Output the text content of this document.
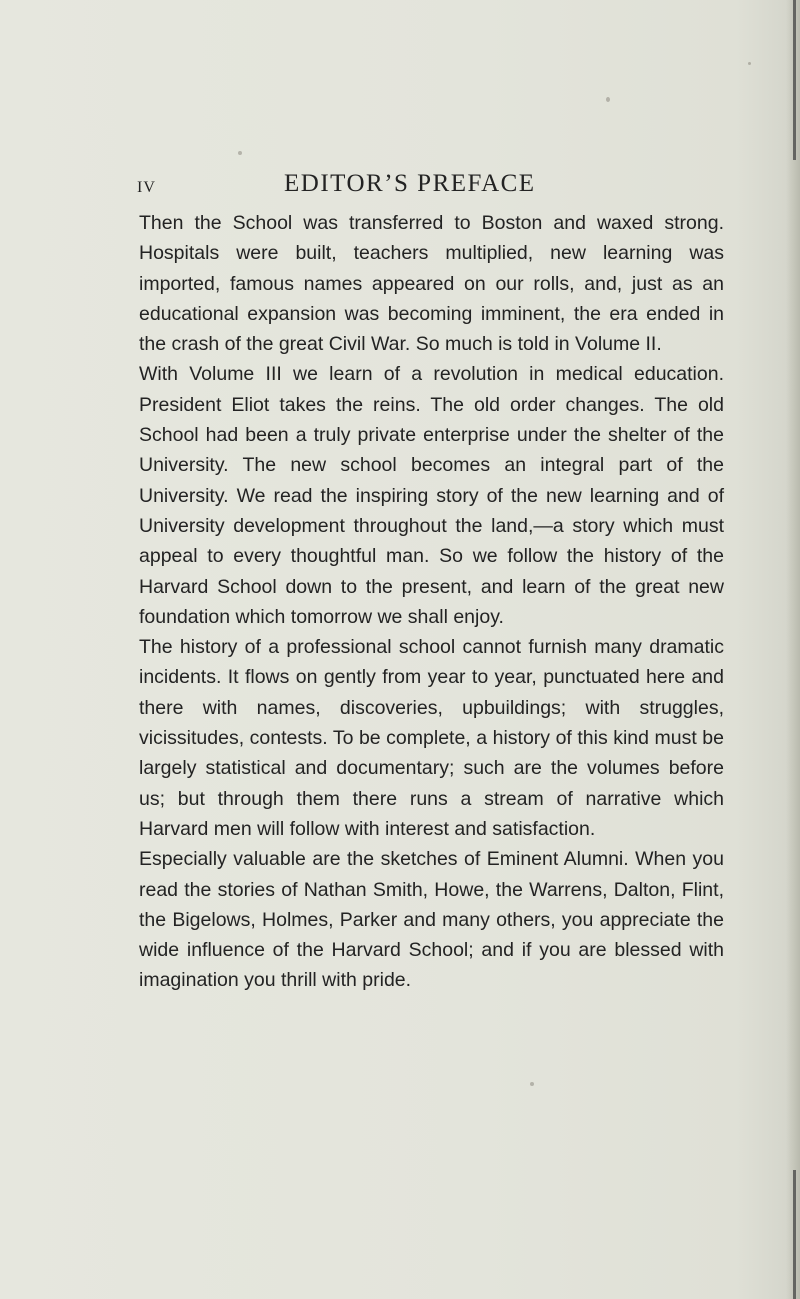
iv	EDITOR’S PREFACE

Then the School was transferred to Boston and waxed strong. Hospitals were built, teachers multiplied, new learning was imported, famous names appeared on our rolls, and, just as an educational expansion was becoming imminent, the era ended in the crash of the great Civil War. So much is told in Volume II.

With Volume III we learn of a revolution in medical education. President Eliot takes the reins. The old order changes. The old School had been a truly private enterprise under the shelter of the University. The new school becomes an integral part of the University. We read the inspiring story of the new learning and of University development throughout the land,—a story which must appeal to every thoughtful man. So we follow the history of the Harvard School down to the present, and learn of the great new foundation which tomorrow we shall enjoy.

The history of a professional school cannot furnish many dramatic incidents. It flows on gently from year to year, punctuated here and there with names, discoveries, upbuildings; with struggles, vicissitudes, contests. To be complete, a history of this kind must be largely statistical and documentary; such are the volumes before us; but through them there runs a stream of narrative which Harvard men will follow with interest and satisfaction.

Especially valuable are the sketches of Eminent Alumni. When you read the stories of Nathan Smith, Howe, the Warrens, Dalton, Flint, the Bigelows, Holmes, Parker and many others, you appreciate the wide influence of the Harvard School; and if you are blessed with imagination you thrill with pride.
